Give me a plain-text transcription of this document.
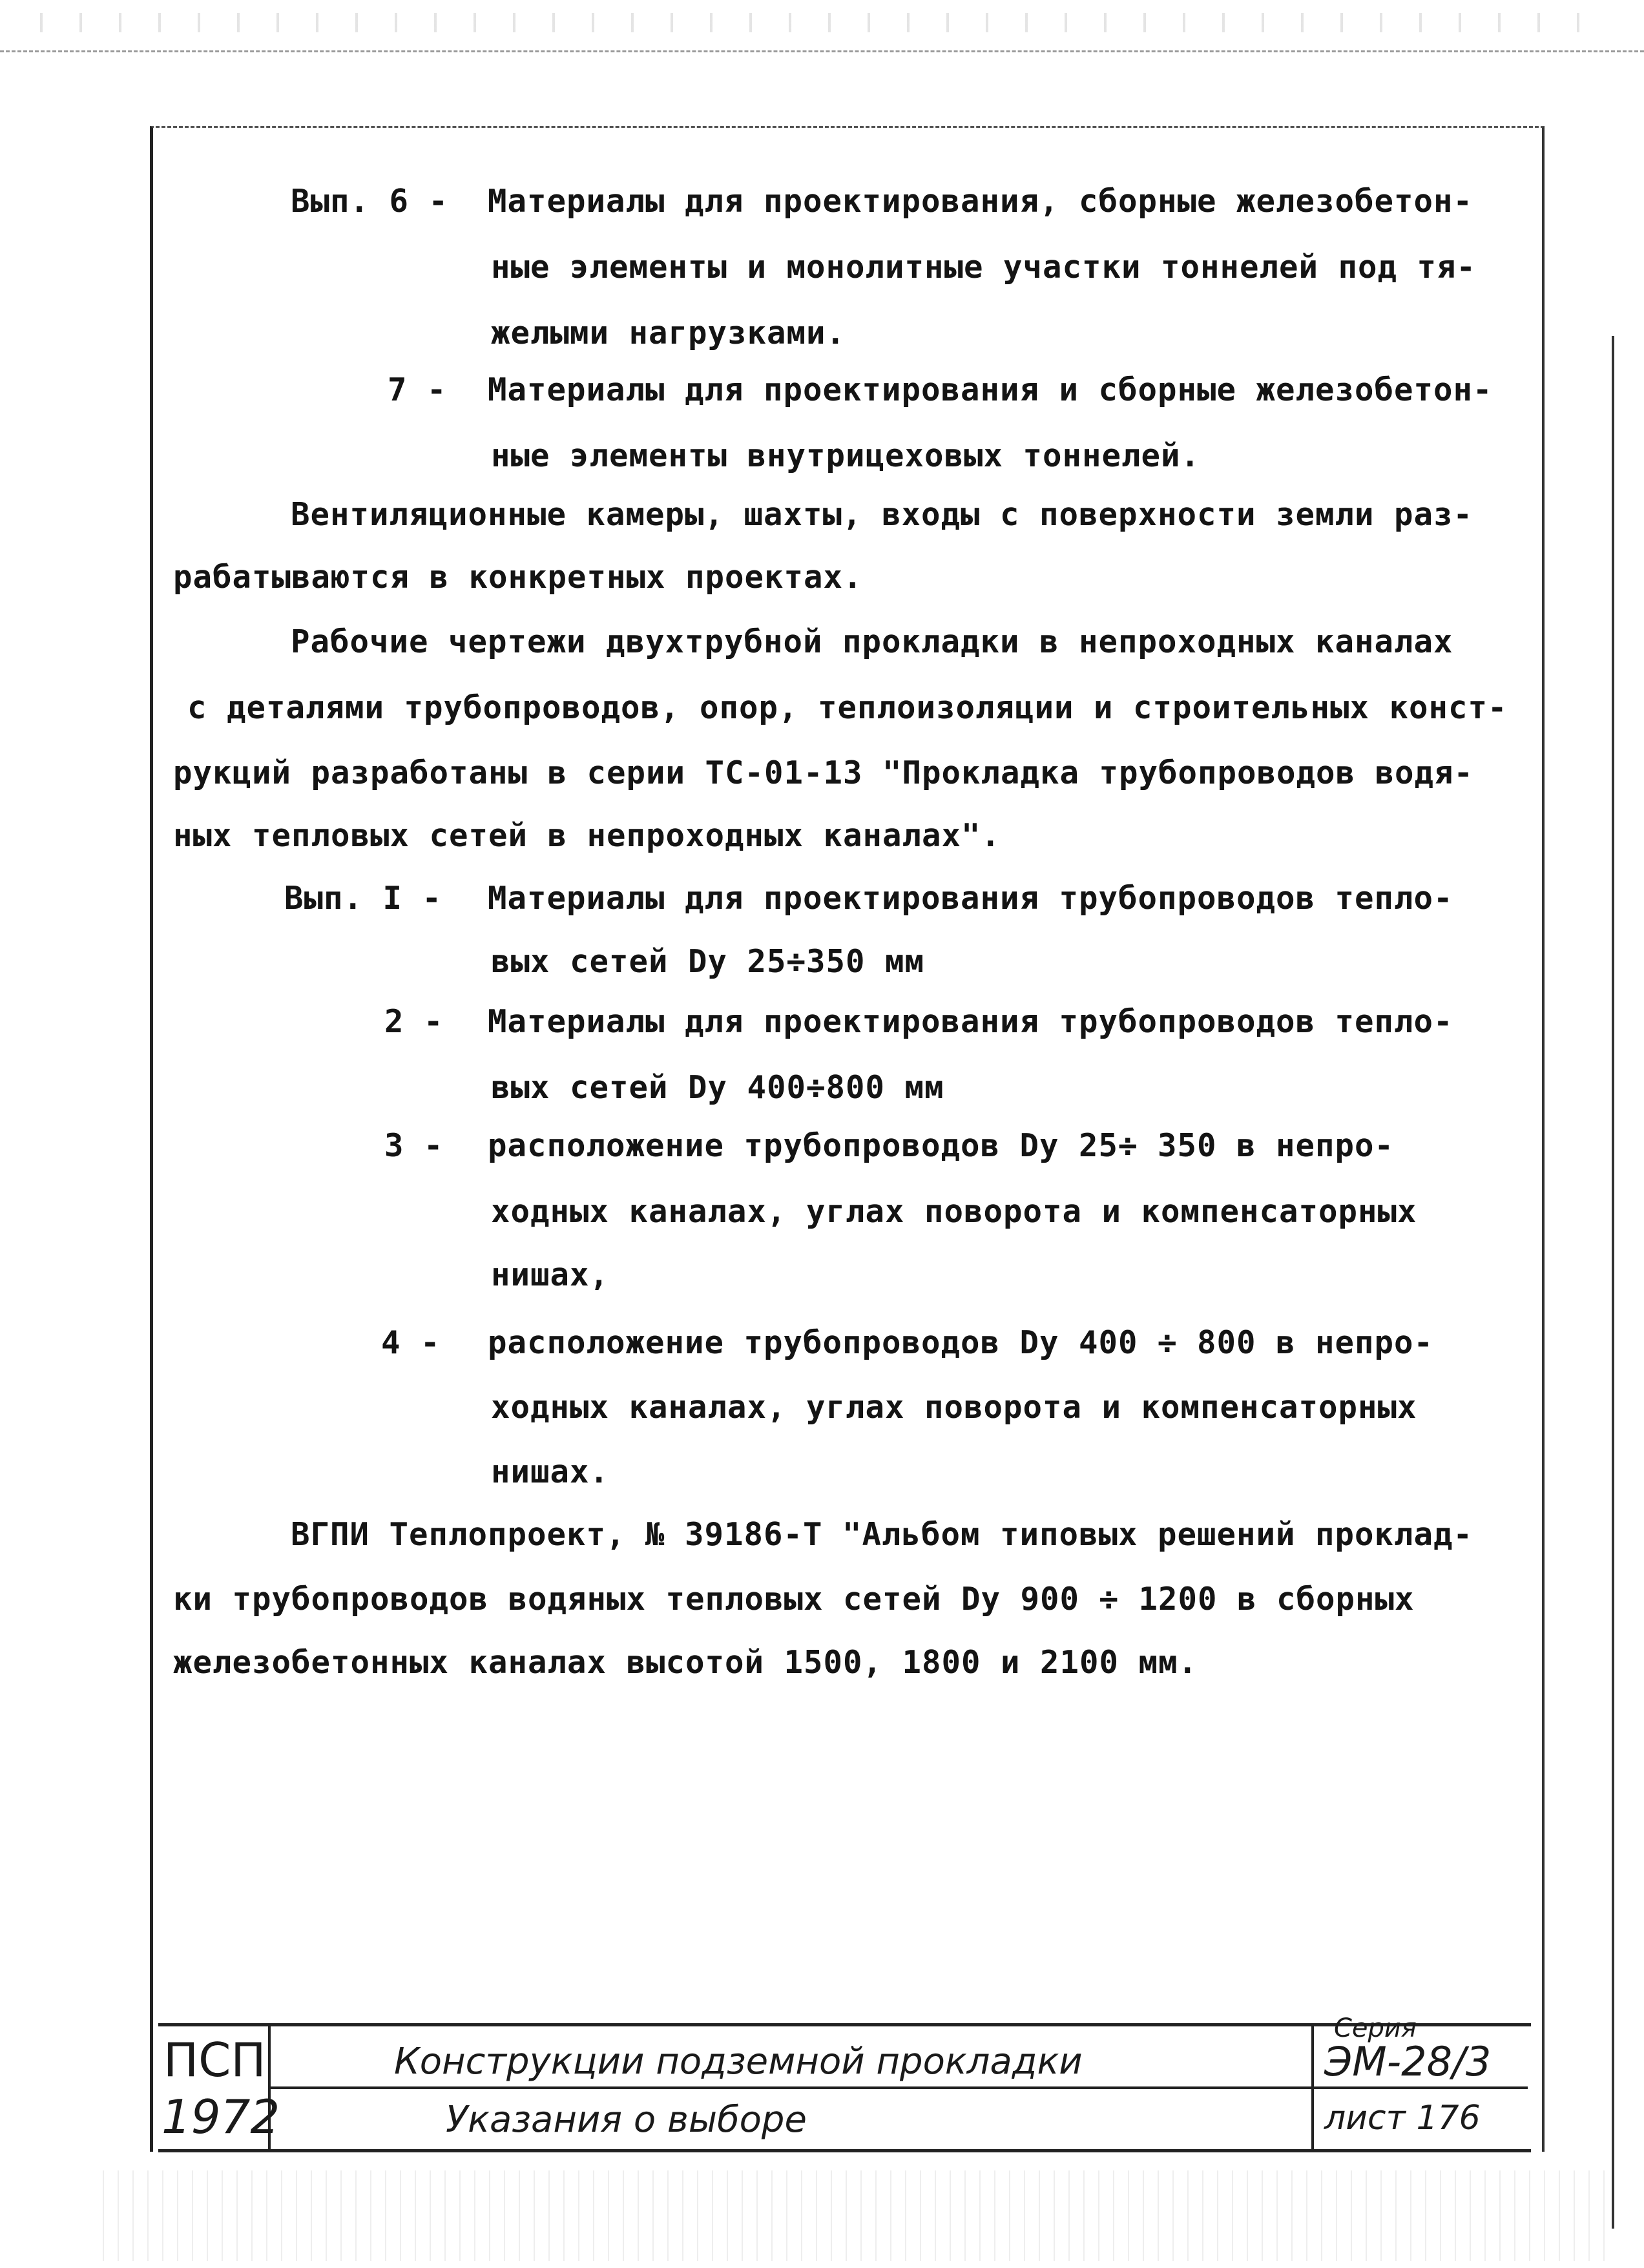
Вып. 6 - Материалы для проектирования, сборные железобетон-
ные элементы и монолитные участки тоннелей под тя-
желыми нагрузками.
7 - Материалы для проектирования и сборные железобетон-
ные элементы внутрицеховых тоннелей.
Вентиляционные камеры, шахты, входы с поверхности земли раз-
рабатываются в конкретных проектах.
Рабочие чертежи двухтрубной прокладки в непроходных каналах
с деталями трубопроводов, опор, теплоизоляции и строительных конст-
рукций разработаны в серии ТС-01-13 "Прокладка трубопроводов водя-
ных тепловых сетей в непроходных каналах".
Вып. I - Материалы для проектирования трубопроводов тепло-
вых сетей Dу 25÷350 мм
2 - Материалы для проектирования трубопроводов тепло-
вых сетей Dу 400÷800 мм
3 - расположение трубопроводов Dу 25÷ 350 в непро-
ходных каналах, углах поворота и компенсаторных
нишах,
4 - расположение трубопроводов Dу 400 ÷ 800 в непро-
ходных каналах, углах поворота и компенсаторных
нишах.
ВГПИ Теплопроект, № 39186-Т "Альбом типовых решений проклад-
ки трубопроводов водяных тепловых сетей Dу 900 ÷ 1200 в сборных
железобетонных каналах высотой 1500, 1800 и 2100 мм.
ПСП
1972
Конструкции подземной прокладки
Указания о выборе
Серия
ЭМ-28/3
лист 176
